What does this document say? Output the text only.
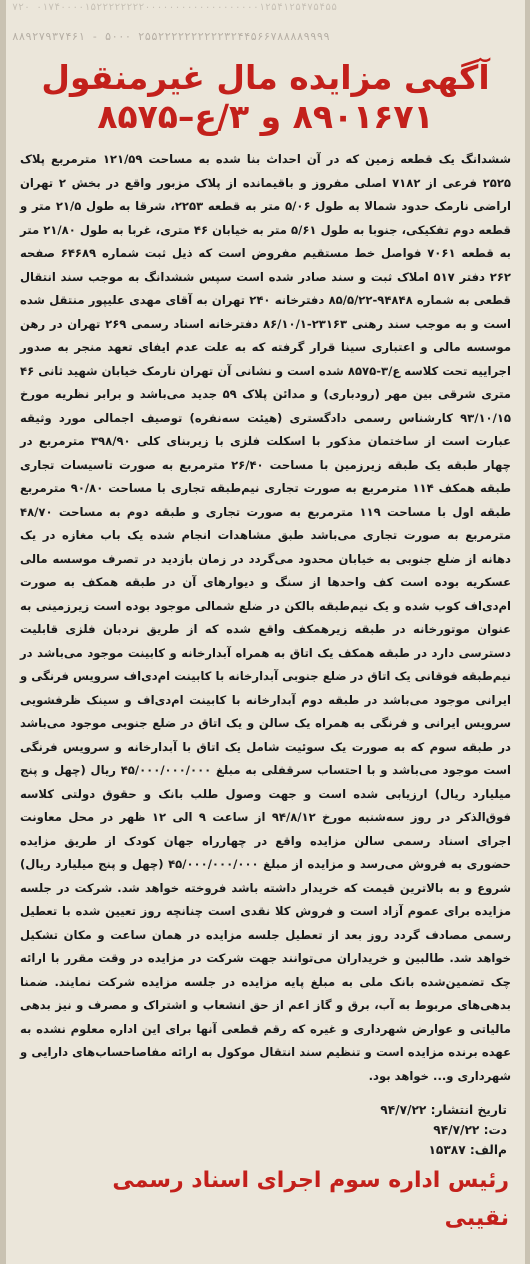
۷۲۰ ۰۱۷۴۰۰۰۰۱۵۲۲۲۲۲۲۲۲۰۰۰۰۰۰۰۰۰۰۰۰۰۰۰۰۰۰۰۱۲۵۴۱۲۵۴۷۵۴۵۵
۸۸۹۲۷۹۳۷۴۶۱ - ۵۰۰۰ ۲۵۵۲۲۲۲۲۲۲۲۲۲۳۲۴۴۵۶۶۷۸۸۸۸۹۹۹۹
آگهی مزایده مال غیرمنقول
۸۹۰۱۶۷۱ و ۳/ع–۸۵۷۵
ششدانگ یک قطعه زمین که در آن احداث بنا شده به مساحت ۱۲۱/۵۹ مترمربع پلاک ۲۵۲۵ فرعی از ۷۱۸۲ اصلی مفروز و باقیمانده از پلاک مزبور واقع در بخش ۲ تهران اراضی نارمک حدود شمالا به طول ۵/۰۶ متر به قطعه ۲۲۵۳، شرقا به طول ۲۱/۵ متر و قطعه دوم تفکیکی، جنوبا به طول ۵/۶۱ متر به خیابان ۴۶ متری، غربا به طول ۲۱/۸۰ متر به قطعه ۷۰۶۱ فواصل خط مستقیم مفروض است که ذیل ثبت شماره ۶۴۶۸۹ صفحه ۲۶۲ دفتر ۵۱۷ املاک ثبت و سند صادر شده است سپس ششدانگ به موجب سند انتقال قطعی به شماره ۹۴۸۴۸-۸۵/۵/۲۲ دفترخانه ۲۴۰ تهران به آقای مهدی علیپور منتقل شده است و به موجب سند رهنی ۲۳۱۶۳-۸۶/۱۰/۱ دفترخانه اسناد رسمی ۲۶۹ تهران در رهن موسسه مالی و اعتباری سینا قرار گرفته که به علت عدم ایفای تعهد منجر به صدور اجراییه تحت کلاسه ع/۳-۸۵۷۵ شده است و نشانی آن تهران نارمک خیابان شهید ثانی ۴۶ متری شرقی بین مهر (رودباری) و مدائن پلاک ۵۹ جدید می‌باشد و برابر نظریه مورخ ۹۳/۱۰/۱۵ کارشناس رسمی دادگستری (هیئت سه‌نفره) توصیف اجمالی مورد وثیقه عبارت است از ساختمان مذکور با اسکلت فلزی با زیربنای کلی ۳۹۸/۹۰ مترمربع در چهار طبقه یک طبقه زیرزمین با مساحت ۲۶/۴۰ مترمربع به صورت تاسیسات تجاری طبقه همکف ۱۱۴ مترمربع به صورت تجاری نیم‌طبقه تجاری با مساحت ۹۰/۸۰ مترمربع طبقه اول با مساحت ۱۱۹ مترمربع به صورت تجاری و طبقه دوم به مساحت ۴۸/۷۰ مترمربع به صورت تجاری می‌باشد طبق مشاهدات انجام شده یک باب مغازه در یک دهانه از ضلع جنوبی به خیابان محدود می‌گردد در زمان بازدید در تصرف موسسه مالی عسکریه بوده است کف واحدها از سنگ و دیوارهای آن در طبقه همکف به صورت ام‌دی‌اف کوب شده و یک نیم‌طبقه بالکن در ضلع شمالی موجود بوده است زیرزمینی به عنوان موتورخانه در طبقه زیرهمکف واقع شده که از طریق نردبان فلزی قابلیت دسترسی دارد در طبقه همکف یک اتاق به همراه آبدارخانه و کابینت موجود می‌باشد در نیم‌طبقه فوقانی یک اتاق در ضلع جنوبی آبدارخانه با کابینت ام‌دی‌اف سرویس فرنگی و ایرانی موجود می‌باشد در طبقه دوم آبدارخانه با کابینت ام‌دی‌اف و سینک ظرفشویی سرویس ایرانی و فرنگی به همراه یک سالن و یک اتاق در ضلع جنوبی موجود می‌باشد در طبقه سوم که به صورت یک سوئیت شامل یک اتاق با آبدارخانه و سرویس فرنگی است موجود می‌باشد و با احتساب سرقفلی به مبلغ ۴۵/۰۰۰/۰۰۰/۰۰۰ ریال (چهل و پنج میلیارد ریال) ارزیابی شده است و جهت وصول طلب بانک و حقوق دولتی کلاسه فوق‌الذکر در روز سه‌شنبه مورخ ۹۴/۸/۱۲ از ساعت ۹ الی ۱۲ ظهر در محل معاونت اجرای اسناد رسمی سالن مزایده واقع در چهارراه جهان کودک از طریق مزایده حضوری به فروش می‌رسد و مزایده از مبلغ ۴۵/۰۰۰/۰۰۰/۰۰۰ (چهل و پنج میلیارد ریال) شروع و به بالاترین قیمت که خریدار داشته باشد فروخته خواهد شد. شرکت در جلسه مزایده برای عموم آزاد است و فروش کلا نقدی است چنانچه روز تعیین شده با تعطیل رسمی مصادف گردد روز بعد از تعطیل جلسه مزایده در همان ساعت و مکان تشکیل خواهد شد. طالبین و خریداران می‌توانند جهت شرکت در مزایده در وقت مقرر با ارائه چک تضمین‌شده بانک ملی به مبلغ پایه مزایده در جلسه مزایده شرکت نمایند. ضمنا بدهی‌های مربوط به آب، برق و گاز اعم از حق انشعاب و اشتراک و مصرف و نیز بدهی مالیاتی و عوارض شهرداری و غیره که رقم قطعی آنها برای این اداره معلوم نشده به عهده برنده مزایده است و تنظیم سند انتقال موکول به ارائه مفاصاحساب‌های دارایی و شهرداری و... خواهد بود.
تاریخ انتشار: ۹۴/۷/۲۲
دت: ۹۴/۷/۲۲
م‌الف: ۱۵۳۸۷
رئیس اداره سوم اجرای اسناد رسمی
نقیبی
